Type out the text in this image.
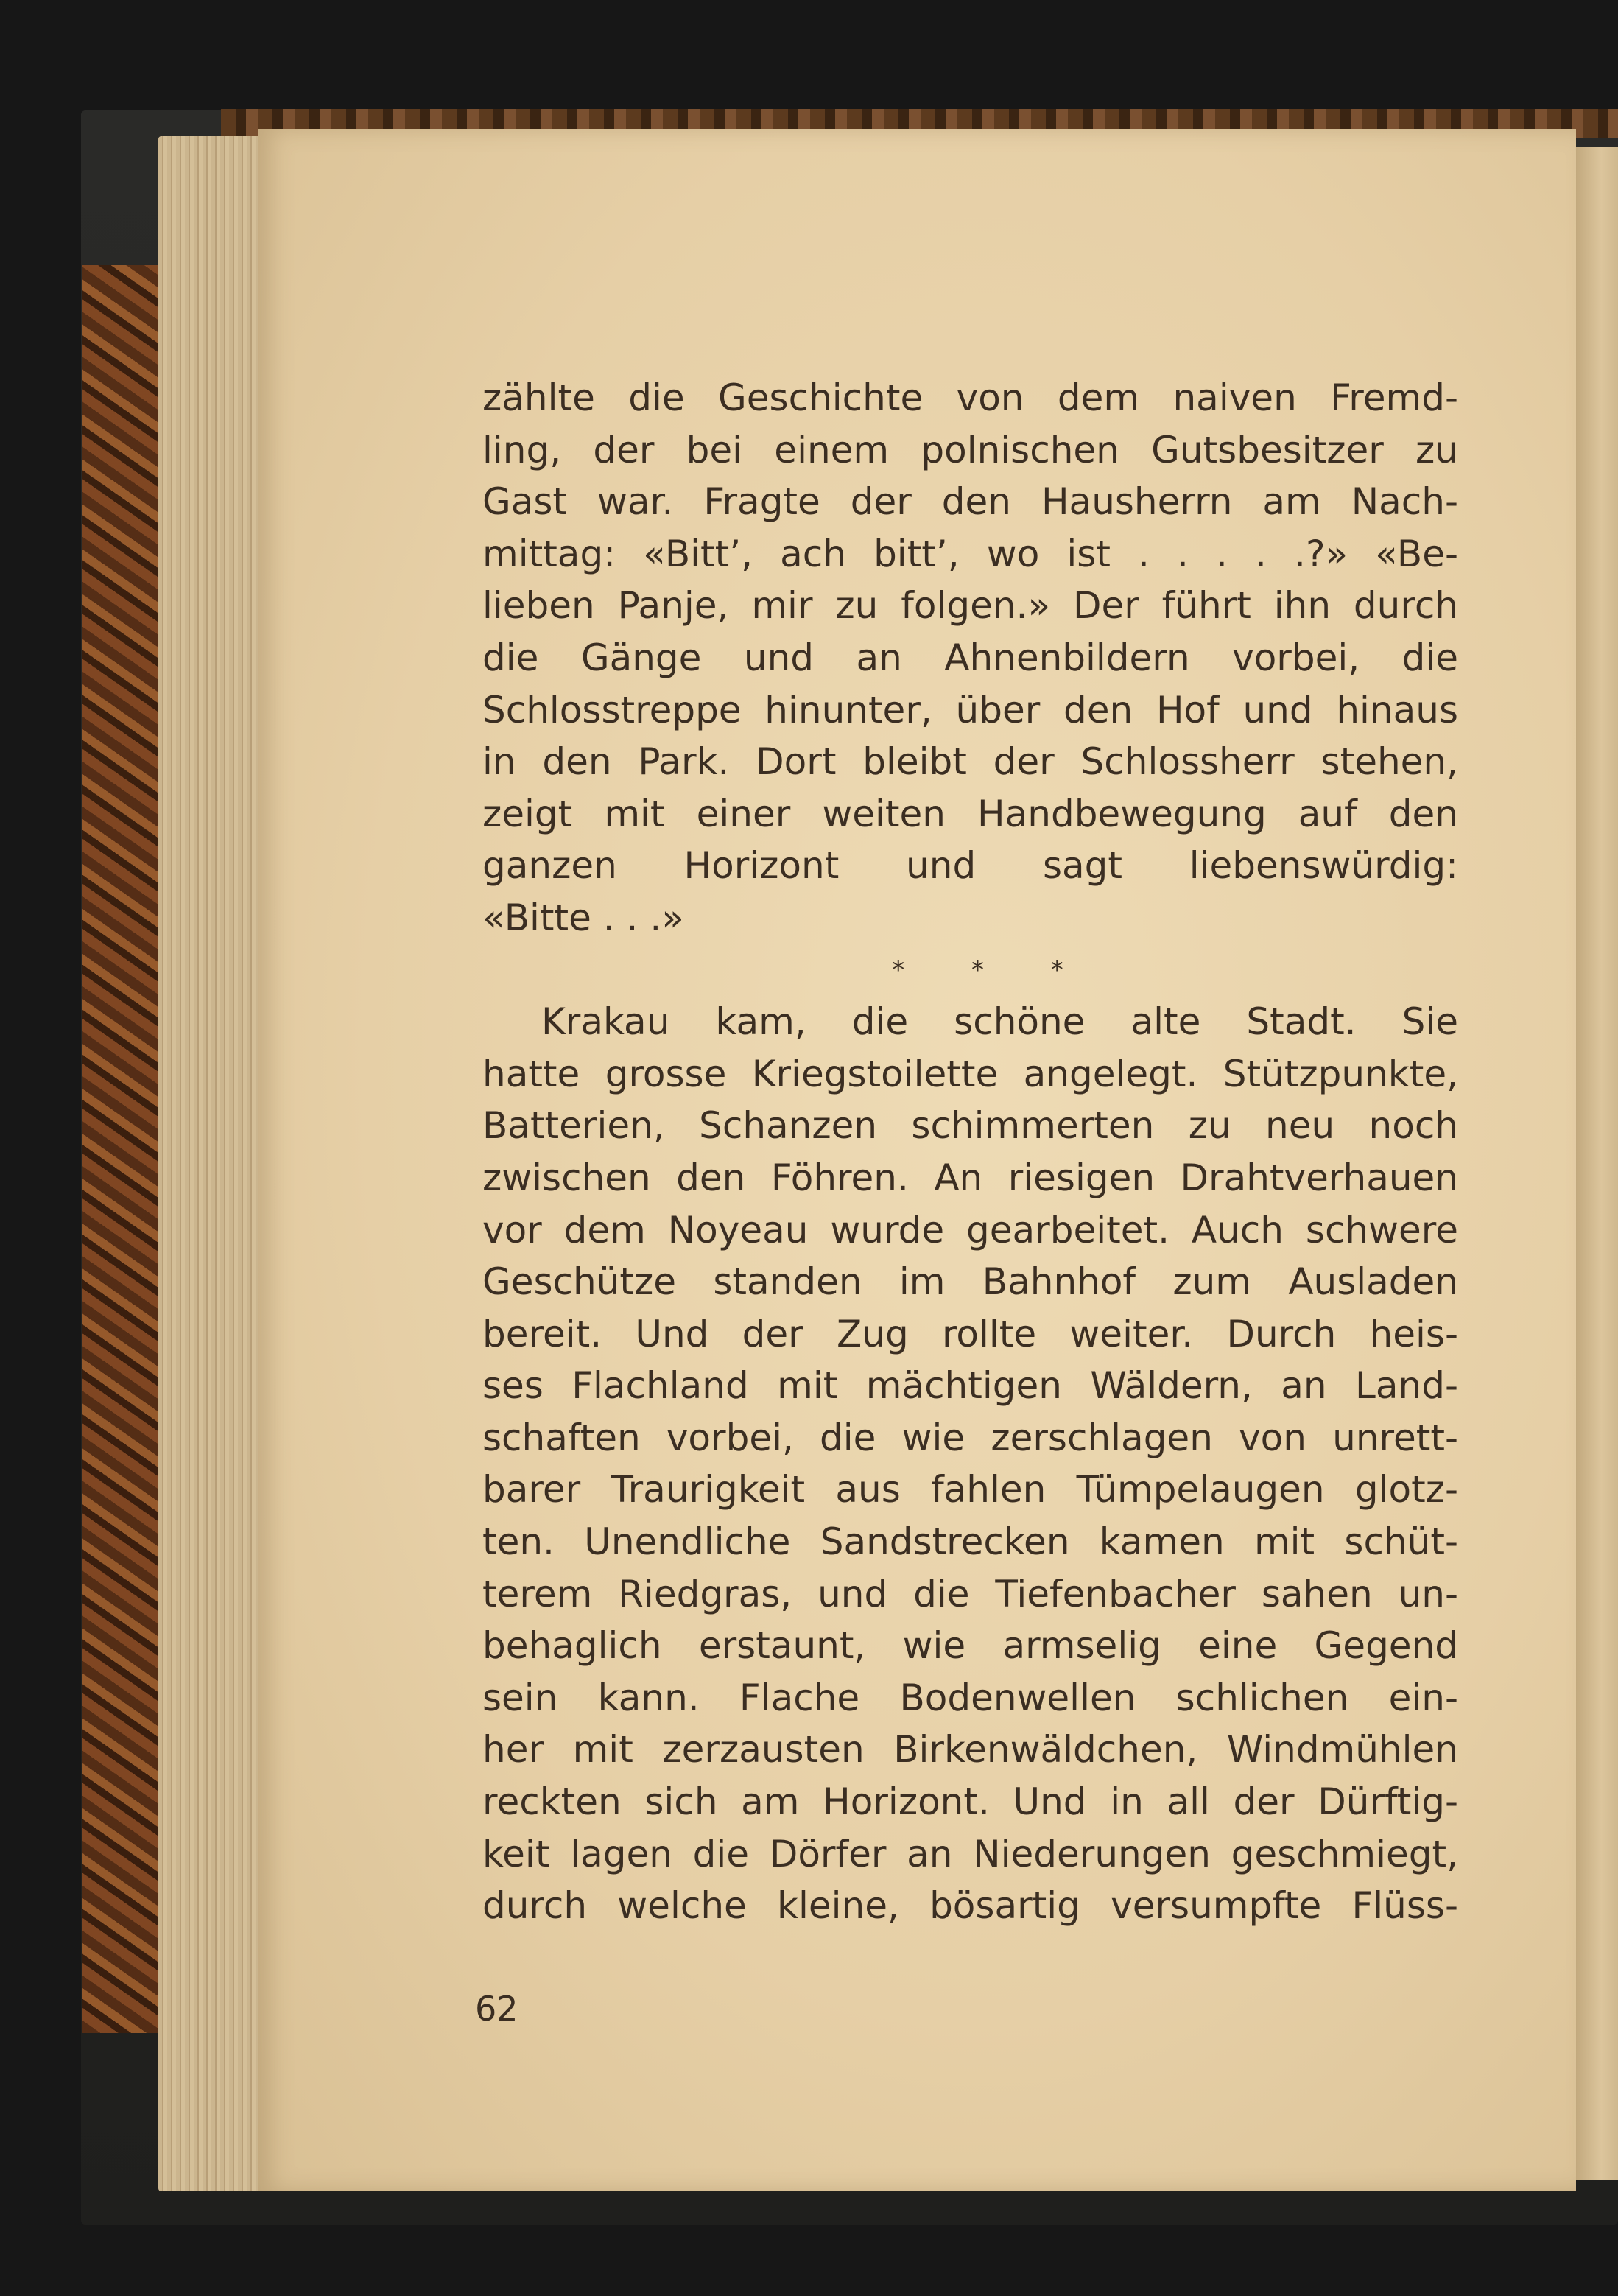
zählte die Geschichte von dem naiven Fremd-
ling, der bei einem polnischen Gutsbesitzer zu
Gast war. Fragte der den Hausherrn am Nach-
mittag: «Bitt’, ach bitt’, wo ist . . . . .?» «Be-
lieben Panje, mir zu folgen.» Der führt ihn durch
die Gänge und an Ahnenbildern vorbei, die
Schlosstreppe hinunter, über den Hof und hinaus
in den Park. Dort bleibt der Schlossherr stehen,
zeigt mit einer weiten Handbewegung auf den
ganzen Horizont und sagt liebenswürdig:
«Bitte . . .»
* * *
Krakau kam, die schöne alte Stadt. Sie
hatte grosse Kriegstoilette angelegt. Stützpunkte,
Batterien, Schanzen schimmerten zu neu noch
zwischen den Föhren. An riesigen Drahtverhauen
vor dem Noyeau wurde gearbeitet. Auch schwere
Geschütze standen im Bahnhof zum Ausladen
bereit. Und der Zug rollte weiter. Durch heis-
ses Flachland mit mächtigen Wäldern, an Land-
schaften vorbei, die wie zerschlagen von unrett-
barer Traurigkeit aus fahlen Tümpelaugen glotz-
ten. Unendliche Sandstrecken kamen mit schüt-
terem Riedgras, und die Tiefenbacher sahen un-
behaglich erstaunt, wie armselig eine Gegend
sein kann. Flache Bodenwellen schlichen ein-
her mit zerzausten Birkenwäldchen, Windmühlen
reckten sich am Horizont. Und in all der Dürftig-
keit lagen die Dörfer an Niederungen geschmiegt,
durch welche kleine, bösartig versumpfte Flüss-
62
